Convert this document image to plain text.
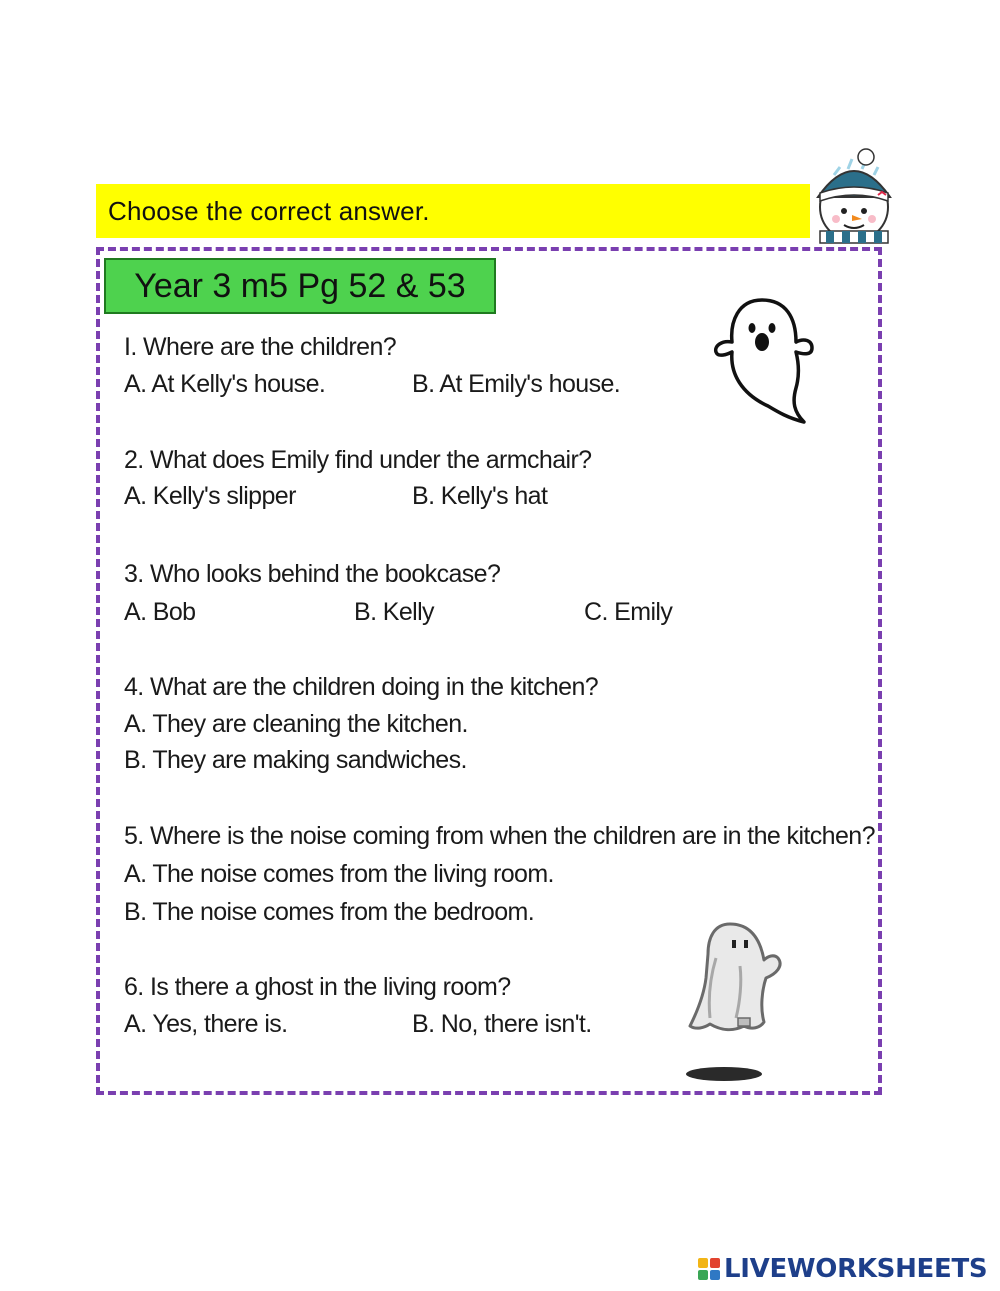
Choose the correct answer.
Year 3 m5 Pg 52 & 53
I. Where are the children?
A. At Kelly's house.	B. At Emily's house.
2. What does Emily find under the armchair?
A. Kelly's slipper	B. Kelly's hat
3. Who looks behind the bookcase?
A. Bob	B. Kelly	C. Emily
4. What are the children doing in the kitchen?
A. They are cleaning the kitchen.
B. They are making sandwiches.
5. Where is the noise coming from when the children are in the kitchen?
A. The noise comes from the living room.
B. The noise comes from the bedroom.
6. Is there a ghost in the living room?
A. Yes, there is.	B. No, there isn't.
LIVEWORKSHEETS
